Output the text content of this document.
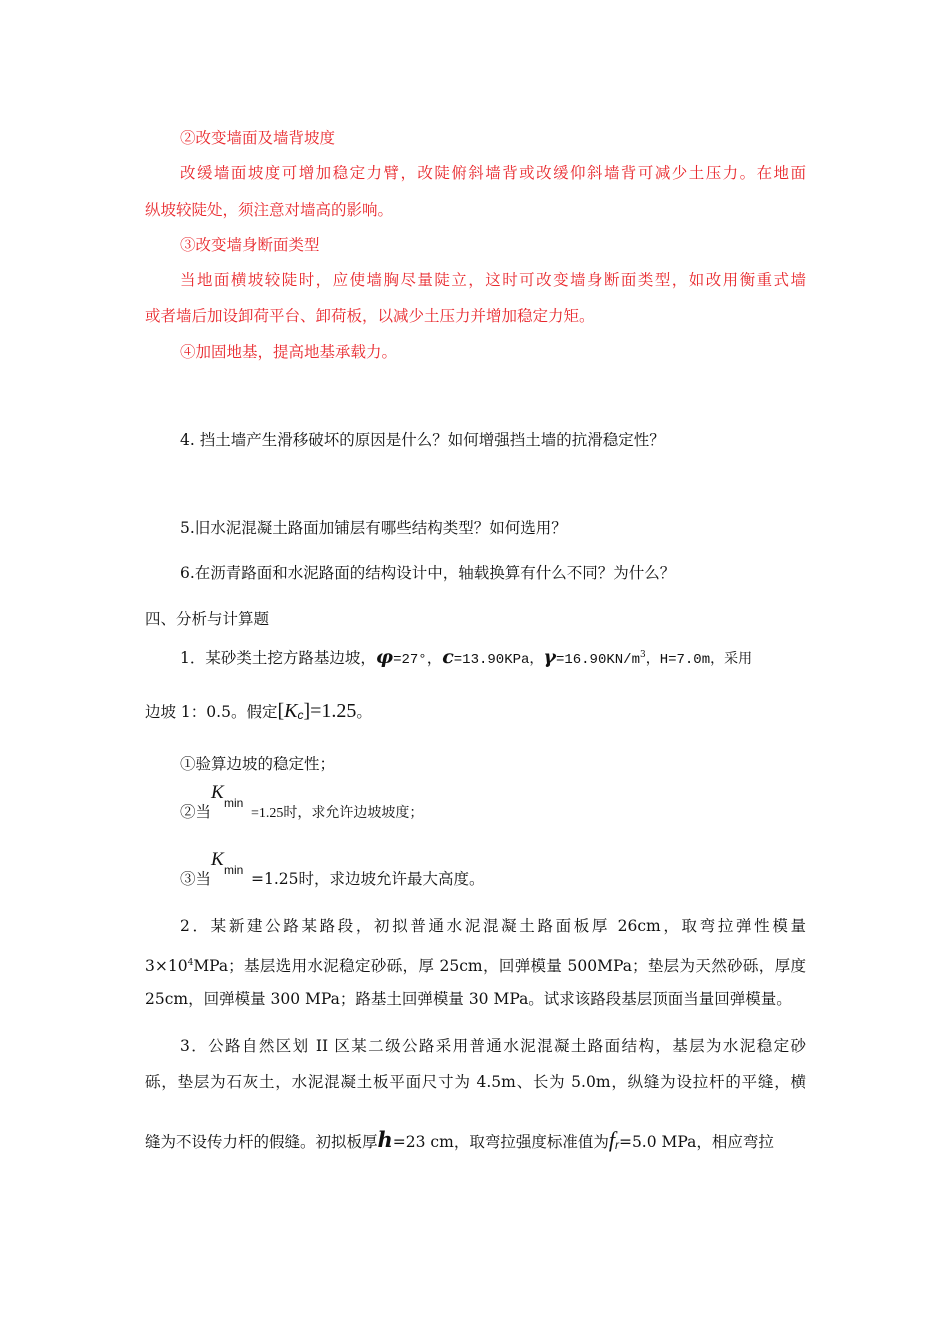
②改变墙面及墙背坡度
改缓墙面坡度可增加稳定力臂，改陡俯斜墙背或改缓仰斜墙背可减少土压力。在地面
纵坡较陡处，须注意对墙高的影响。
③改变墙身断面类型
当地面横坡较陡时，应使墙胸尽量陡立，这时可改变墙身断面类型，如改用衡重式墙
或者墙后加设卸荷平台、卸荷板，以减少土压力并增加稳定力矩。
④加固地基，提高地基承载力。
4. 挡土墙产生滑移破坏的原因是什么？如何增强挡土墙的抗滑稳定性？
5.旧水泥混凝土路面加铺层有哪些结构类型？如何选用？
6.在沥青路面和水泥路面的结构设计中，轴载换算有什么不同？为什么？
四、分析与计算题
1．某砂类土挖方路基边坡，φ=27°，c=13.90KPa，$\gamma=16.90KN/m^3$，H=7.0m，采用
边坡 1：0.5。假定[Kc]=1.25。
①验算边坡的稳定性；
②当
K min
=1.25时，求允许边坡坡度；
③当
K min =1.25时，求边坡允许最大高度。
2．某新建公路某路段，初拟普通水泥混凝土路面板厚 26cm，取弯拉弹性模量
$3\times 10^4MPa$；基层选用水泥稳定砂砾，厚 25cm，回弹模量 500MPa；垫层为天然砂砾，厚度
25cm，回弹模量 300 MPa；路基土回弹模量 30 MPa。试求该路段基层顶面当量回弹模量。
3．公路自然区划 II 区某二级公路采用普通水泥混凝土路面结构，基层为水泥稳定砂
砾，垫层为石灰土，水泥混凝土板平面尺寸为 4.5m、长为 5.0m，纵缝为设拉杆的平缝，横
缝为不设传力杆的假缝。初拟板厚h=23 cm，取弯拉强度标准值为fr=5.0 MPa，相应弯拉
